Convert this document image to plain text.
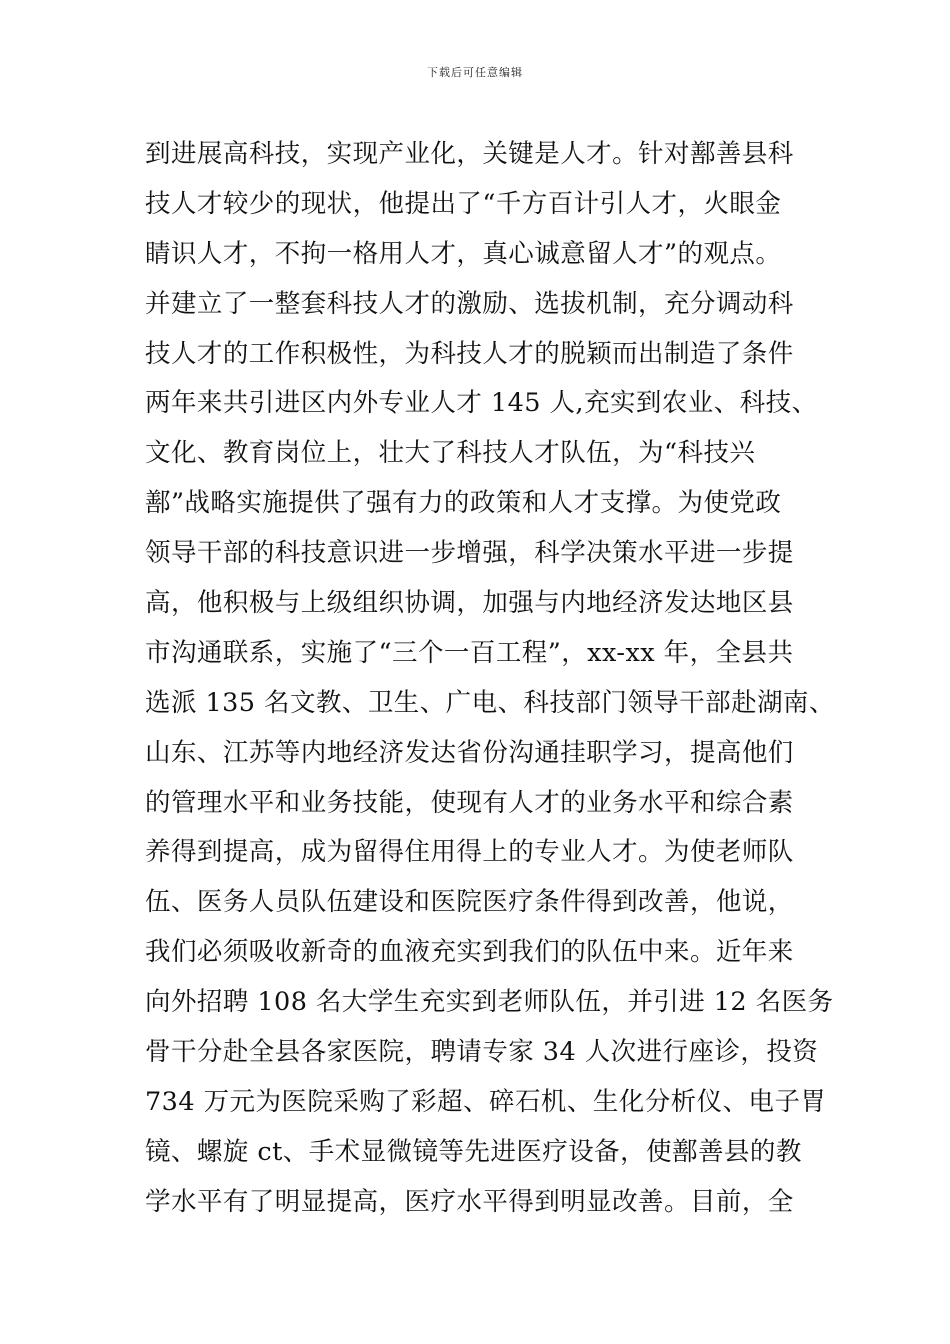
下载后可任意编辑
到进展高科技，实现产业化，关键是人才。针对鄯善县科
技人才较少的现状，他提出了“千方百计引人才，火眼金
睛识人才，不拘一格用人才，真心诚意留人才”的观点。
并建立了一整套科技人才的激励、选拔机制，充分调动科
技人才的工作积极性，为科技人才的脱颖而出制造了条件
两年来共引进区内外专业人才 145 人,充实到农业、科技、
文化、教育岗位上，壮大了科技人才队伍，为“科技兴
鄯”战略实施提供了强有力的政策和人才支撑。为使党政
领导干部的科技意识进一步增强，科学决策水平进一步提
高，他积极与上级组织协调，加强与内地经济发达地区县
市沟通联系，实施了“三个一百工程”，xx-xx 年，全县共
选派 135 名文教、卫生、广电、科技部门领导干部赴湖南、
山东、江苏等内地经济发达省份沟通挂职学习，提高他们
的管理水平和业务技能，使现有人才的业务水平和综合素
养得到提高，成为留得住用得上的专业人才。为使老师队
伍、医务人员队伍建设和医院医疗条件得到改善，他说，
我们必须吸收新奇的血液充实到我们的队伍中来。近年来
向外招聘 108 名大学生充实到老师队伍，并引进 12 名医务
骨干分赴全县各家医院，聘请专家 34 人次进行座诊，投资
734 万元为医院采购了彩超、碎石机、生化分析仪、电子胃
镜、螺旋 ct、手术显微镜等先进医疗设备，使鄯善县的教
学水平有了明显提高，医疗水平得到明显改善。目前，全
